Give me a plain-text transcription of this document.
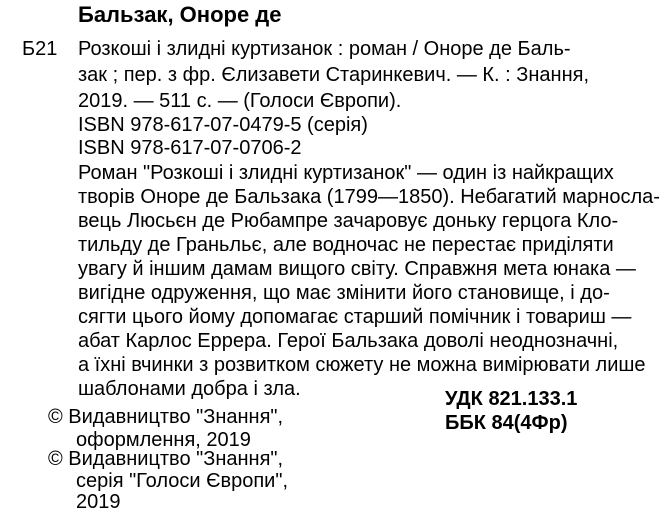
Бальзак, Оноре де
Б21 Розкоші і злидні куртизанок : роман / Оноре де Баль-
зак ; пер. з фр. Єлизавети Старинкевич. — К. : Знання,
2019. — 511 с. — (Голоси Європи).
ISBN 978-617-07-0479-5 (серія)
ISBN 978-617-07-0706-2
Роман "Розкоші і злидні куртизанок" — один із найкращих
творів Оноре де Бальзака (1799—1850). Небагатий марносла-
вець Люсьєн де Рюбампре зачаровує доньку герцога Кло-
тильду де Граньльє, але водночас не перестає приділяти
увагу й іншим дамам вищого світу. Справжня мета юнака —
вигідне одруження, що має змінити його становище, і до-
сягти цього йому допомагає старший помічник і товариш —
абат Карлос Еррера. Герої Бальзака доволі неоднозначні,
а їхні вчинки з розвитком сюжету не можна вимірювати лише
шаблонами добра і зла.	УДК 821.133.1
ББК 84(4Фр)
© Видавництво "Знання",
оформлення, 2019
© Видавництво "Знання",
серія "Голоси Європи",
2019
